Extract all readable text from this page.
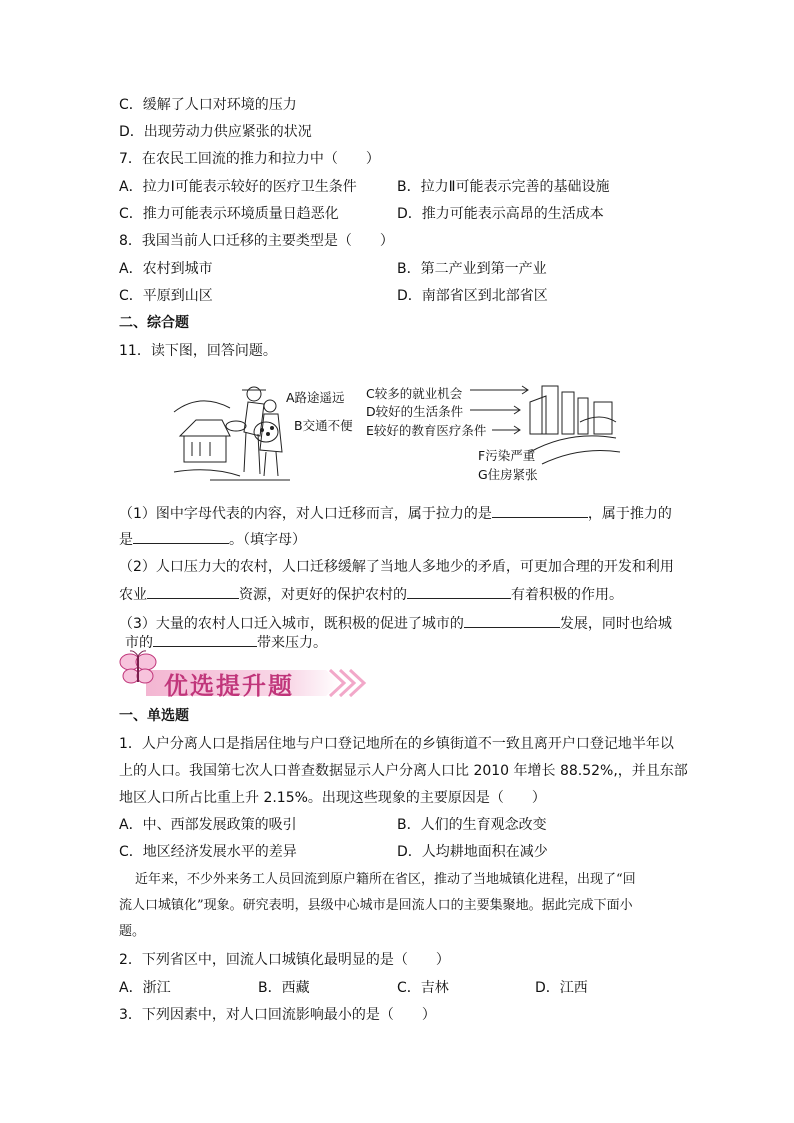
C．缓解了人口对环境的压力
D．出现劳动力供应紧张的状况
7．在农民工回流的推力和拉力中（　　）
A．拉力Ⅰ可能表示较好的医疗卫生条件	B．拉力Ⅱ可能表示完善的基础设施
C．推力可能表示环境质量日趋恶化	D．推力可能表示高昂的生活成本
8．我国当前人口迁移的主要类型是（　　）
A．农村到城市	B．第二产业到第一产业
C．平原到山区	D．南部省区到北部省区
二、综合题
11．读下图，回答问题。
A路途遥远
B交通不便
C较多的就业机会
D较好的生活条件
E较好的教育医疗条件
F污染严重
G住房紧张
（1）图中字母代表的内容，对人口迁移而言，属于拉力的是	，属于推力的
是	。（填字母）
（2）人口压力大的农村，人口迁移缓解了当地人多地少的矛盾，可更加合理的开发和利用
农业	资源，对更好的保护农村的	有着积极的作用。
（3）大量的农村人口迁入城市，既积极的促进了城市的	发展，同时也给城
市的	带来压力。
优选提升题
一、单选题
1．人户分离人口是指居住地与户口登记地所在的乡镇街道不一致且离开户口登记地半年以
上的人口。我国第七次人口普查数据显示人户分离人口比 2010 年增长 88.52%,，并且东部
地区人口所占比重上升 2.15%。出现这些现象的主要原因是（　　）
A．中、西部发展政策的吸引	B．人们的生育观念改变
C．地区经济发展水平的差异	D．人均耕地面积在减少
近年来，不少外来务工人员回流到原户籍所在省区，推动了当地城镇化进程，出现了“回
流人口城镇化”现象。研究表明，县级中心城市是回流人口的主要集聚地。据此完成下面小
题。
2．下列省区中，回流人口城镇化最明显的是（　　）
A．浙江	B．西藏	C．吉林	D．江西
3．下列因素中，对人口回流影响最小的是（　　）
